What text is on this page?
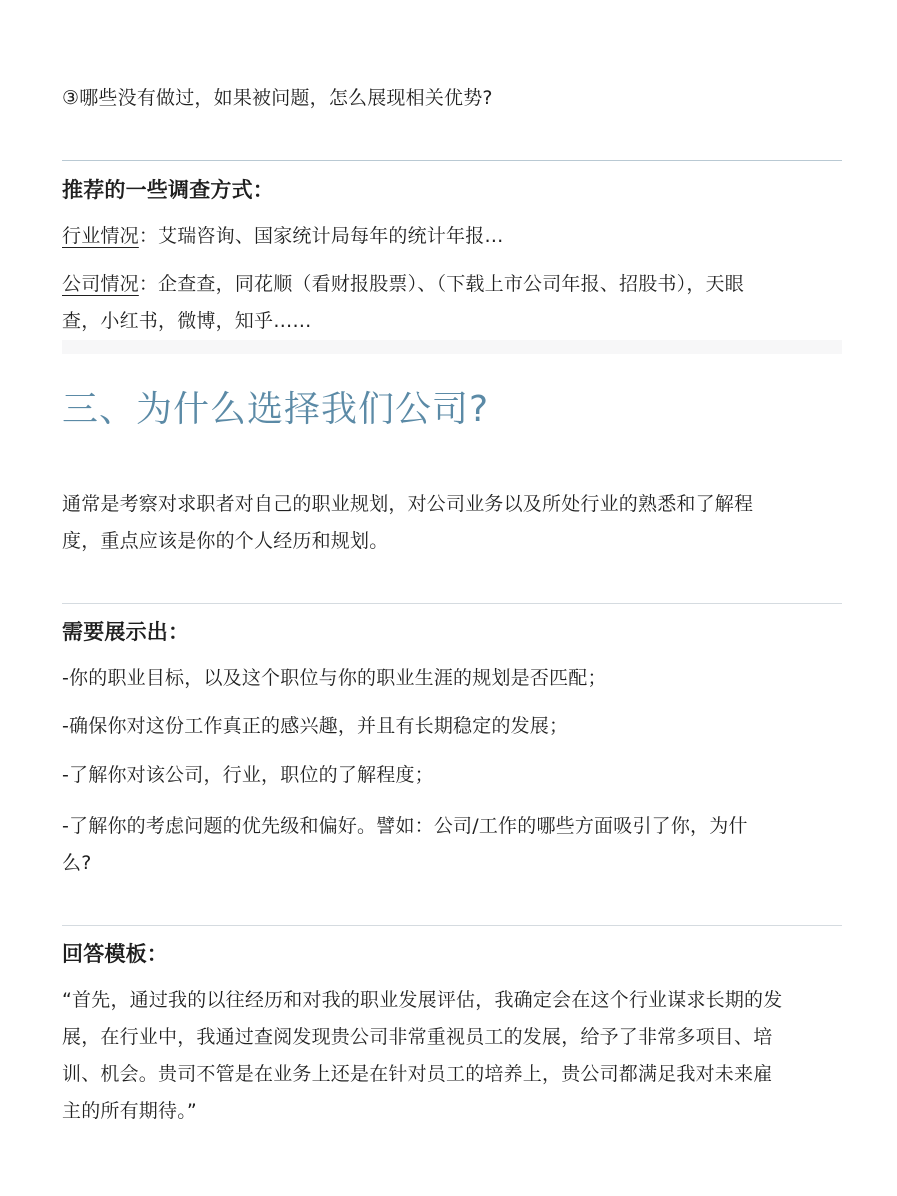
③哪些没有做过，如果被问题，怎么展现相关优势?
推荐的一些调查方式：
行业情况：艾瑞咨询、国家统计局每年的统计年报…
公司情况：企查查，同花顺（看财报股票）、（下载上市公司年报、招股书），天眼
查，小红书，微博，知乎……
三、为什么选择我们公司?
通常是考察对求职者对自己的职业规划，对公司业务以及所处行业的熟悉和了解程
度，重点应该是你的个人经历和规划。
需要展示出：
-你的职业目标，以及这个职位与你的职业生涯的规划是否匹配；
-确保你对这份工作真正的感兴趣，并且有长期稳定的发展；
-了解你对该公司，行业，职位的了解程度；
-了解你的考虑问题的优先级和偏好。譬如：公司/工作的哪些方面吸引了你，为什
么?
回答模板：
“首先，通过我的以往经历和对我的职业发展评估，我确定会在这个行业谋求长期的发
展，在行业中，我通过查阅发现贵公司非常重视员工的发展，给予了非常多项目、培
训、机会。贵司不管是在业务上还是在针对员工的培养上，贵公司都满足我对未来雇
主的所有期待。”
